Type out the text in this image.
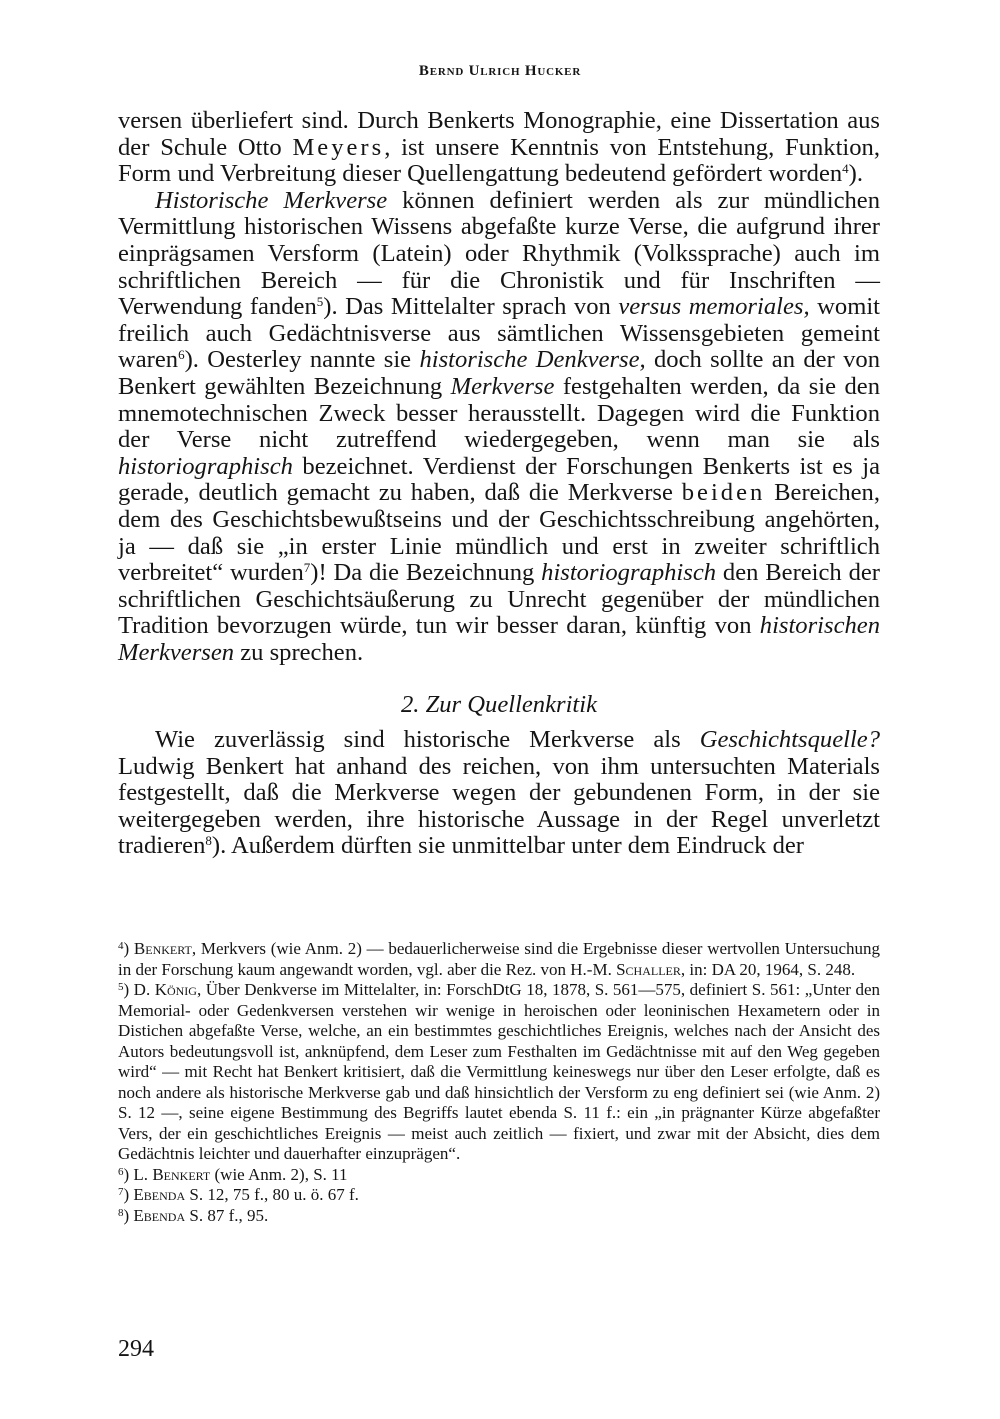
Bernd Ulrich Hucker

versen überliefert sind. Durch Benkerts Monographie, eine Dissertation aus der Schule Otto Meyers, ist unsere Kenntnis von Entstehung, Funktion, Form und Verbreitung dieser Quellengattung bedeutend gefördert worden$^4$).

Historische Merkverse können definiert werden als zur mündlichen Vermittlung historischen Wissens abgefaßte kurze Verse, die aufgrund ihrer einprägsamen Versform (Latein) oder Rhythmik (Volkssprache) auch im schriftlichen Bereich — für die Chronistik und für Inschriften — Verwendung fanden$^5$). Das Mittelalter sprach von versus memoriales, womit freilich auch Gedächtnisverse aus sämtlichen Wissensgebieten gemeint waren$^6$). Oesterley nannte sie historische Denkverse, doch sollte an der von Benkert gewählten Bezeichnung Merkverse festgehalten werden, da sie den mnemotechnischen Zweck besser herausstellt. Dagegen wird die Funktion der Verse nicht zutreffend wiedergegeben, wenn man sie als historiographisch bezeichnet. Verdienst der Forschungen Benkerts ist es ja gerade, deutlich gemacht zu haben, daß die Merkverse beiden Bereichen, dem des Geschichtsbewußtseins und der Geschichtsschreibung angehörten, ja — daß sie „in erster Linie mündlich und erst in zweiter schriftlich verbreitet“ wurden$^7$)! Da die Bezeichnung historiographisch den Bereich der schriftlichen Geschichtsäußerung zu Unrecht gegenüber der mündlichen Tradition bevorzugen würde, tun wir besser daran, künftig von historischen Merkversen zu sprechen.

2. Zur Quellenkritik

Wie zuverlässig sind historische Merkverse als Geschichtsquelle? Ludwig Benkert hat anhand des reichen, von ihm untersuchten Materials festgestellt, daß die Merkverse wegen der gebundenen Form, in der sie weitergegeben werden, ihre historische Aussage in der Regel unverletzt tradieren$^8$). Außerdem dürften sie unmittelbar unter dem Eindruck der

$^4$) Benkert, Merkvers (wie Anm. 2) — bedauerlicherweise sind die Ergebnisse dieser wertvollen Untersuchung in der Forschung kaum angewandt worden, vgl. aber die Rez. von H.-M. Schaller, in: DA 20, 1964, S. 248.

$^5$) D. König, Über Denkverse im Mittelalter, in: ForschDtG 18, 1878, S. 561—575, definiert S. 561: „Unter den Memorial- oder Gedenkversen verstehen wir wenige in heroischen oder leoninischen Hexametern oder in Distichen abgefaßte Verse, welche, an ein bestimmtes geschichtliches Ereignis, welches nach der Ansicht des Autors bedeutungsvoll ist, anknüpfend, dem Leser zum Festhalten im Gedächtnisse mit auf den Weg gegeben wird“ — mit Recht hat Benkert kritisiert, daß die Vermittlung keineswegs nur über den Leser erfolgte, daß es noch andere als historische Merkverse gab und daß hinsichtlich der Versform zu eng definiert sei (wie Anm. 2) S. 12 —, seine eigene Bestimmung des Begriffs lautet ebenda S. 11 f.: ein „in prägnanter Kürze abgefaßter Vers, der ein geschichtliches Ereignis — meist auch zeitlich — fixiert, und zwar mit der Absicht, dies dem Gedächtnis leichter und dauerhafter einzuprägen“.

$^6$) L. Benkert (wie Anm. 2), S. 11

$^7$) Ebenda S. 12, 75 f., 80 u. ö. 67 f.

$^8$) Ebenda S. 87 f., 95.

294
